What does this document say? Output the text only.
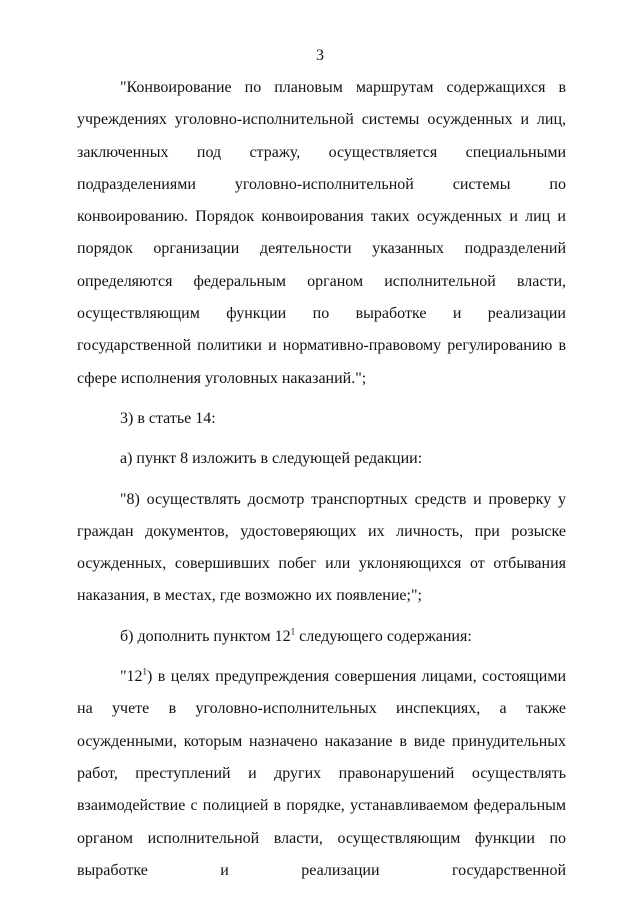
3

"Конвоирование по плановым маршрутам содержащихся в учреждениях уголовно-исполнительной системы осужденных и лиц, заключенных под стражу, осуществляется специальными подразделениями уголовно-исполнительной системы по конвоированию. Порядок конвоирования таких осужденных и лиц и порядок организации деятельности указанных подразделений определяются федеральным органом исполнительной власти, осуществляющим функции по выработке и реализации государственной политики и нормативно-правовому регулированию в сфере исполнения уголовных наказаний.";

3) в статье 14:

а) пункт 8 изложить в следующей редакции:

"8) осуществлять досмотр транспортных средств и проверку у граждан документов, удостоверяющих их личность, при розыске осужденных, совершивших побег или уклоняющихся от отбывания наказания, в местах, где возможно их появление;";

б) дополнить пунктом $12^1$ следующего содержания:

"$12^1$) в целях предупреждения совершения лицами, состоящими на учете в уголовно-исполнительных инспекциях, а также осужденными, которым назначено наказание в виде принудительных работ, преступлений и других правонарушений осуществлять взаимодействие с полицией в порядке, устанавливаемом федеральным органом исполнительной власти, осуществляющим функции по выработке и реализации государственной
